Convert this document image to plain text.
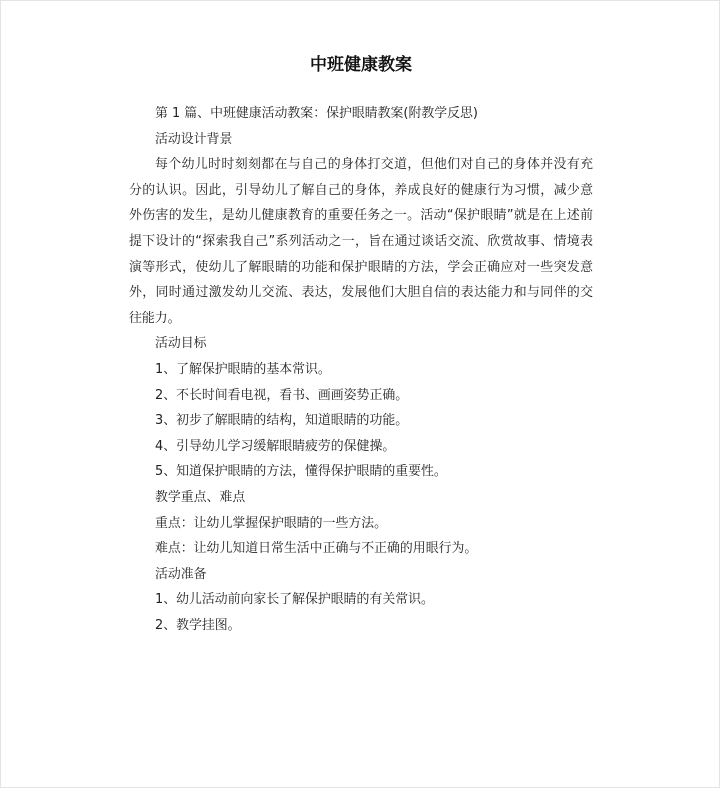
中班健康教案

第 1 篇、中班健康活动教案：保护眼睛教案(附教学反思)

活动设计背景

每个幼儿时时刻刻都在与自己的身体打交道，但他们对自己的身体并没有充分的认识。因此，引导幼儿了解自己的身体，养成良好的健康行为习惯，减少意外伤害的发生，是幼儿健康教育的重要任务之一。活动“保护眼睛”就是在上述前提下设计的“探索我自己”系列活动之一，旨在通过谈话交流、欣赏故事、情境表演等形式，使幼儿了解眼睛的功能和保护眼睛的方法，学会正确应对一些突发意外，同时通过激发幼儿交流、表达，发展他们大胆自信的表达能力和与同伴的交往能力。

活动目标

1、了解保护眼睛的基本常识。

2、不长时间看电视，看书、画画姿势正确。

3、初步了解眼睛的结构，知道眼睛的功能。

4、引导幼儿学习缓解眼睛疲劳的保健操。

5、知道保护眼睛的方法，懂得保护眼睛的重要性。

教学重点、难点

重点：让幼儿掌握保护眼睛的一些方法。

难点：让幼儿知道日常生活中正确与不正确的用眼行为。

活动准备

1、幼儿活动前向家长了解保护眼睛的有关常识。

2、教学挂图。
